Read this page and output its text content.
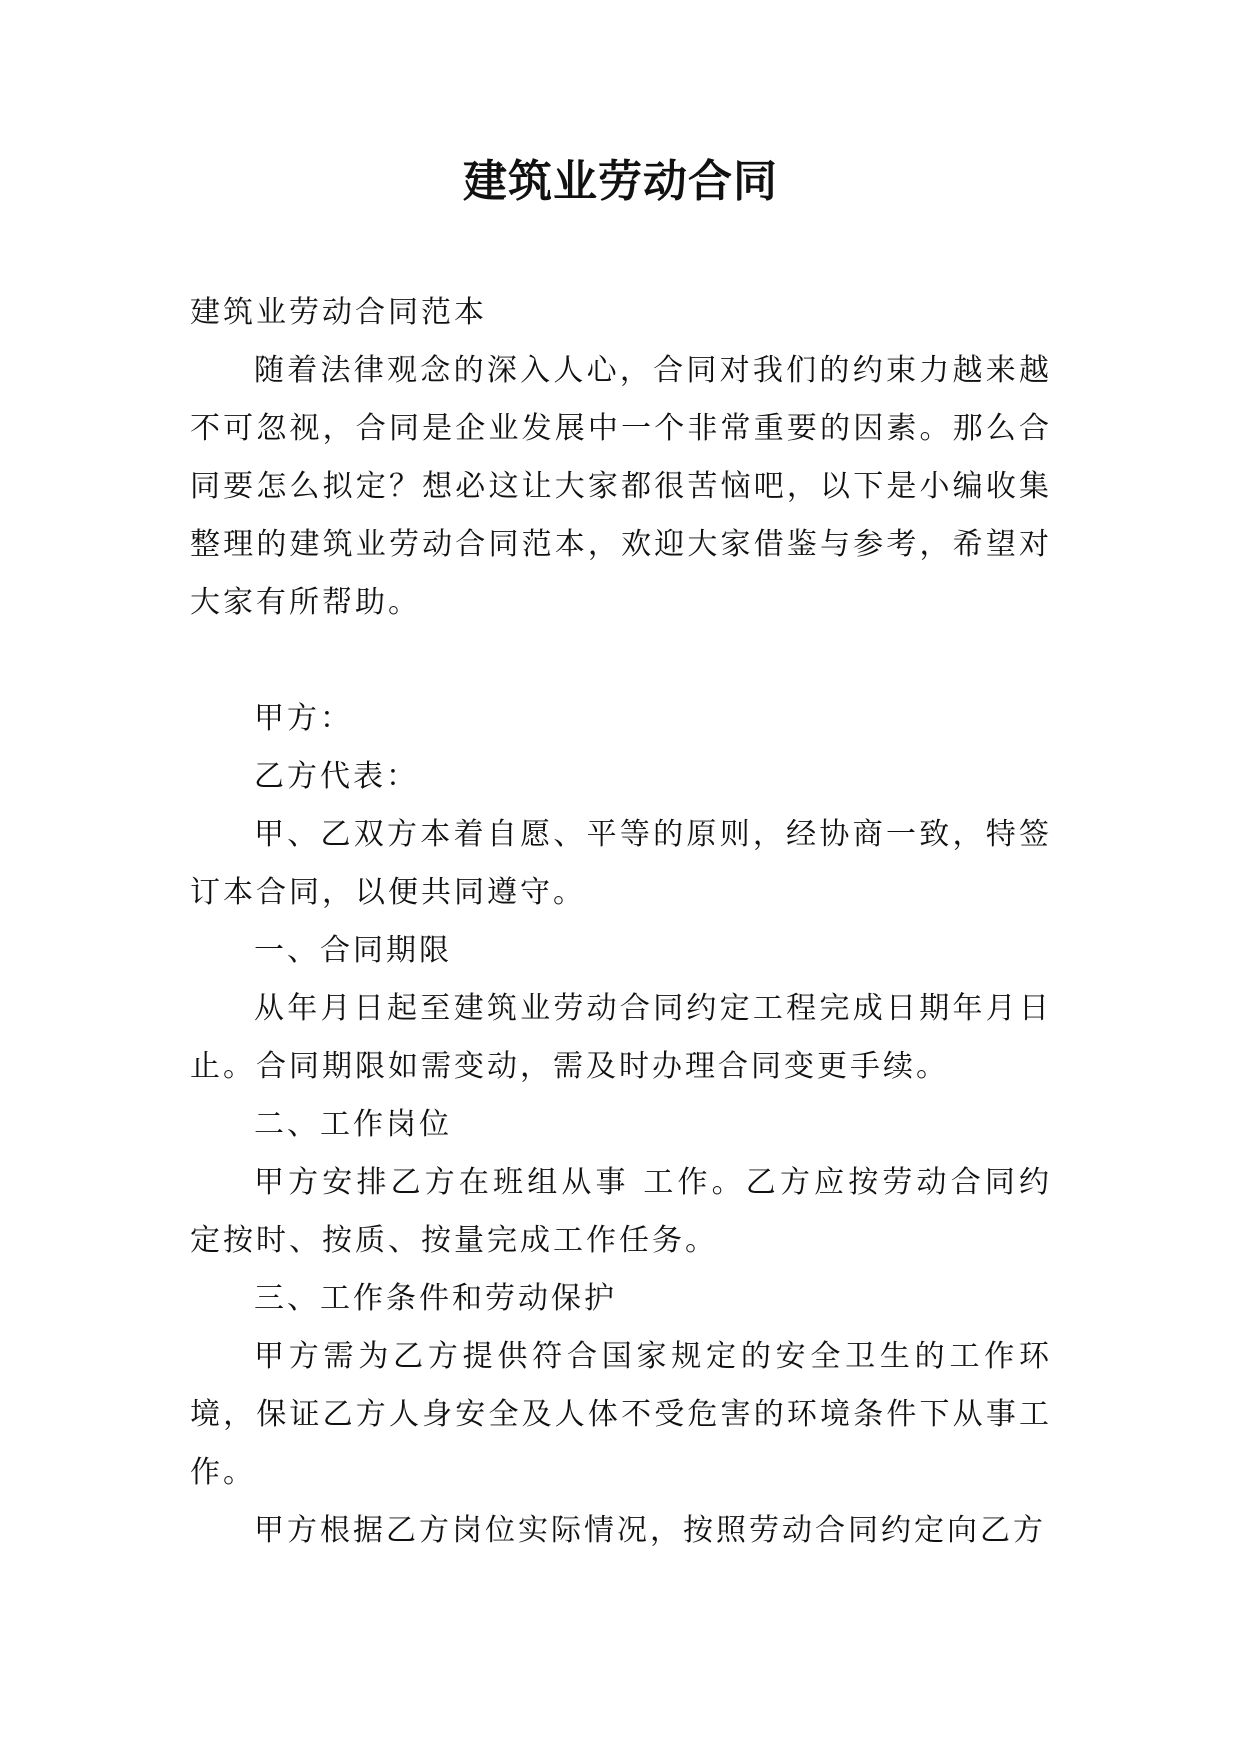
建筑业劳动合同

建筑业劳动合同范本

随着法律观念的深入人心，合同对我们的约束力越来越不可忽视，合同是企业发展中一个非常重要的因素。那么合同要怎么拟定？想必这让大家都很苦恼吧，以下是小编收集整理的建筑业劳动合同范本，欢迎大家借鉴与参考，希望对大家有所帮助。

甲方：

乙方代表：

甲、乙双方本着自愿、平等的原则，经协商一致，特签订本合同，以便共同遵守。

一、合同期限

从年月日起至建筑业劳动合同约定工程完成日期年月日止。合同期限如需变动，需及时办理合同变更手续。

二、工作岗位

甲方安排乙方在班组从事 工作。乙方应按劳动合同约定按时、按质、按量完成工作任务。

三、工作条件和劳动保护

甲方需为乙方提供符合国家规定的安全卫生的工作环境，保证乙方人身安全及人体不受危害的环境条件下从事工作。

甲方根据乙方岗位实际情况，按照劳动合同约定向乙方
